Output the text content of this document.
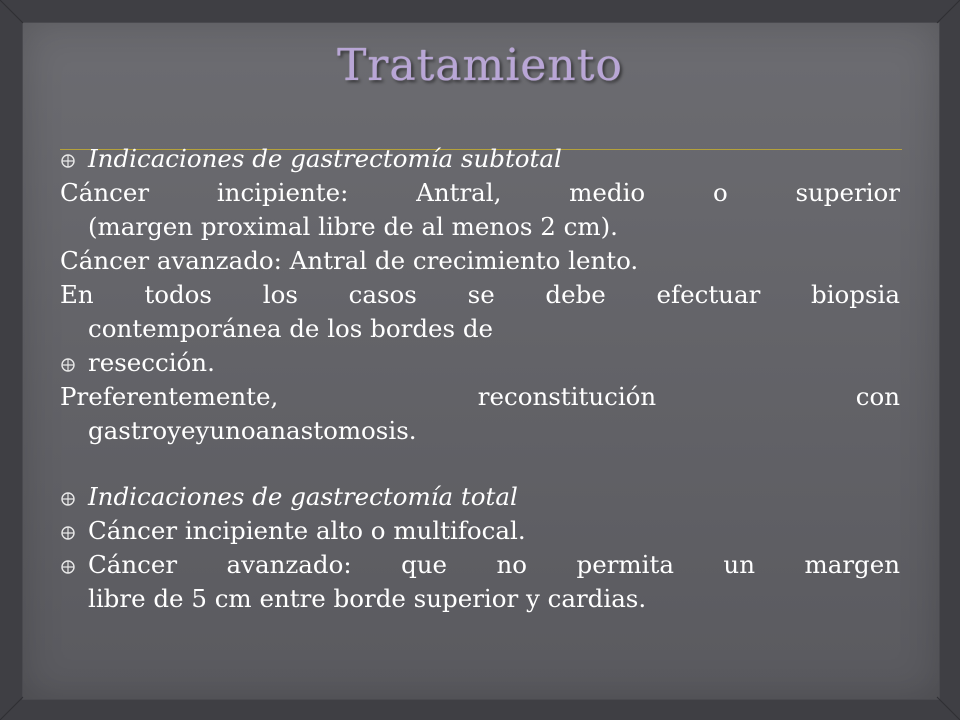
Tratamiento
Indicaciones de gastrectomía subtotal
Cáncer incipiente: Antral, medio o superior
(margen proximal libre de al menos 2 cm).
Cáncer avanzado: Antral de crecimiento lento.
En todos los casos se debe efectuar biopsia
contemporánea de los bordes de
resección.
Preferentemente, reconstitución con
gastroyeyunoanastomosis.
Indicaciones de gastrectomía total
Cáncer incipiente alto o multifocal.
Cáncer avanzado: que no permita un margen
libre de 5 cm entre borde superior y cardias.
